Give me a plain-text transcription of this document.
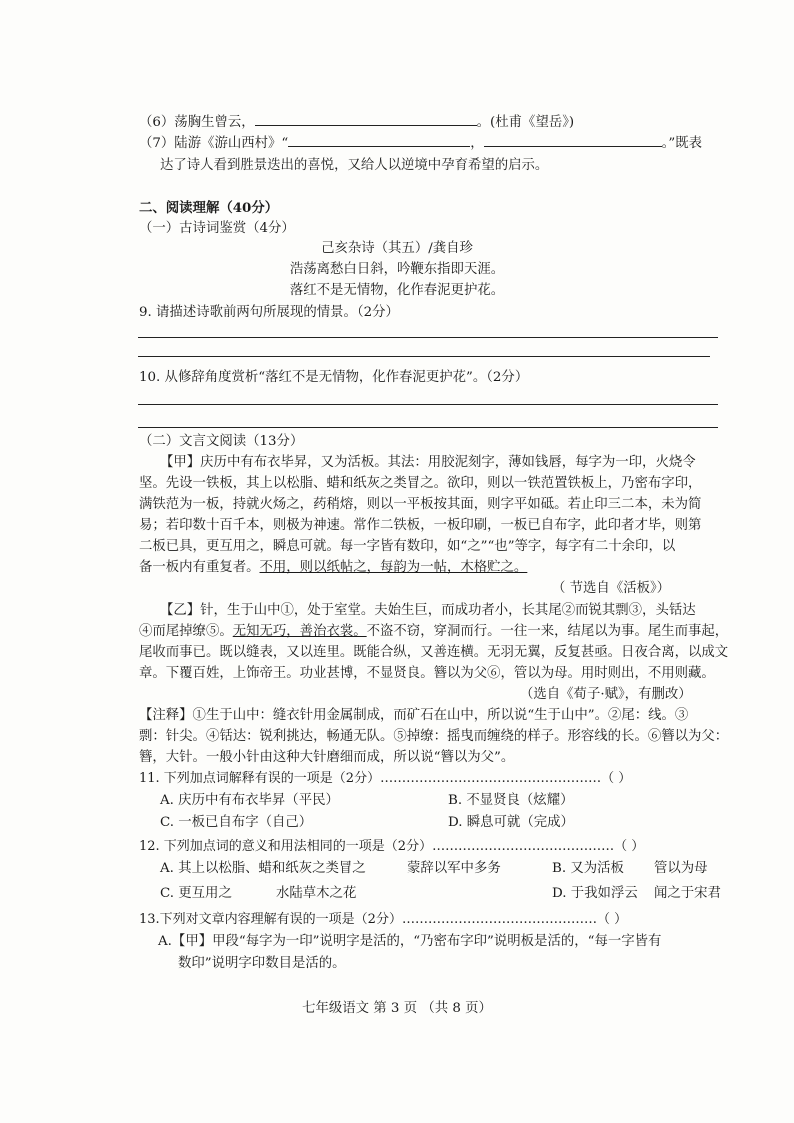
（6）荡胸生曾云，	。(杜甫《望岳》)
（7）陆游《游山西村》“	，	。”既表
达了诗人看到胜景迭出的喜悦，又给人以逆境中孕育希望的启示。
二、阅读理解（40分）
（一）古诗词鉴赏（4分）
己亥杂诗（其五）/龚自珍
浩荡离愁白日斜，吟鞭东指即天涯。
落红不是无情物，化作春泥更护花。
9. 请描述诗歌前两句所展现的情景。（2分）
10. 从修辞角度赏析“落红不是无情物，化作春泥更护花”。（2分）
（二）文言文阅读（13分）
【甲】庆历中有布衣毕昇，又为活板。其法：用胶泥刻字，薄如钱唇，每字为一印，火烧令
坚。先设一铁板，其上以松脂、蜡和纸灰之类冒之。欲印，则以一铁范置铁板上，乃密布字印，
满铁范为一板，持就火炀之，药稍熔，则以一平板按其面，则字平如砥。若止印三二本，未为简
易；若印数十百千本，则极为神速。常作二铁板，一板印刷，一板已自布字，此印者才毕，则第
二板已具，更互用之，瞬息可就。每一字皆有数印，如“之”“也”等字，每字有二十余印，以
备一板内有重复者。不用，则以纸帖之，每韵为一帖，木格贮之。
（ 节选自《活板》）
【乙】针，生于山中①，处于室堂。夫始生巨，而成功者小，长其尾②而锐其剽③，头铦达
④而尾掉缭⑤。无知无巧，善治衣裳。不盗不窃，穿洞而行。一往一来，结尾以为事。尾生而事起，
尾收而事已。既以缝表，又以连里。既能合纵，又善连横。无羽无翼，反复甚亟。日夜合离，以成文
章。下覆百姓，上饰帝王。功业甚博，不显贤良。簪以为父⑥，管以为母。用时则出，不用则藏。
（选自《荀子·赋》，有删改）
【注释】①生于山中：缝衣针用金属制成，而矿石在山中，所以说“生于山中”。②尾：线。③
剽：针尖。④铦达：锐利挑达，畅通无队。⑤掉缭：摇曳而缠绕的样子。形容线的长。⑥簪以为父：
簪，大针。一般小针由这种大针磨细而成，所以说“簪以为父”。
11. 下列加点词解释有误的一项是（2分）……………………………………………（ ）
A. 庆历中有布衣毕昇（平民）	B. 不显贤良（炫耀）
C. 一板已自布字（自己）	D. 瞬息可就（完成）
12. 下列加点词的意义和用法相同的一项是（2分）……………………………………（ ）
A. 其上以松脂、蜡和纸灰之类冒之	蒙辞以军中多务	B. 又为活板 管以为母
C. 更互用之	水陆草木之花	D. 于我如浮云 闻之于宋君
13.下列对文章内容理解有误的一项是（2分）………………………………………（ ）
A.【甲】甲段“每字为一印”说明字是活的，“乃密布字印”说明板是活的，“每一字皆有
数印”说明字印数目是活的。
七年级语文 第 3 页 （共 8 页）
